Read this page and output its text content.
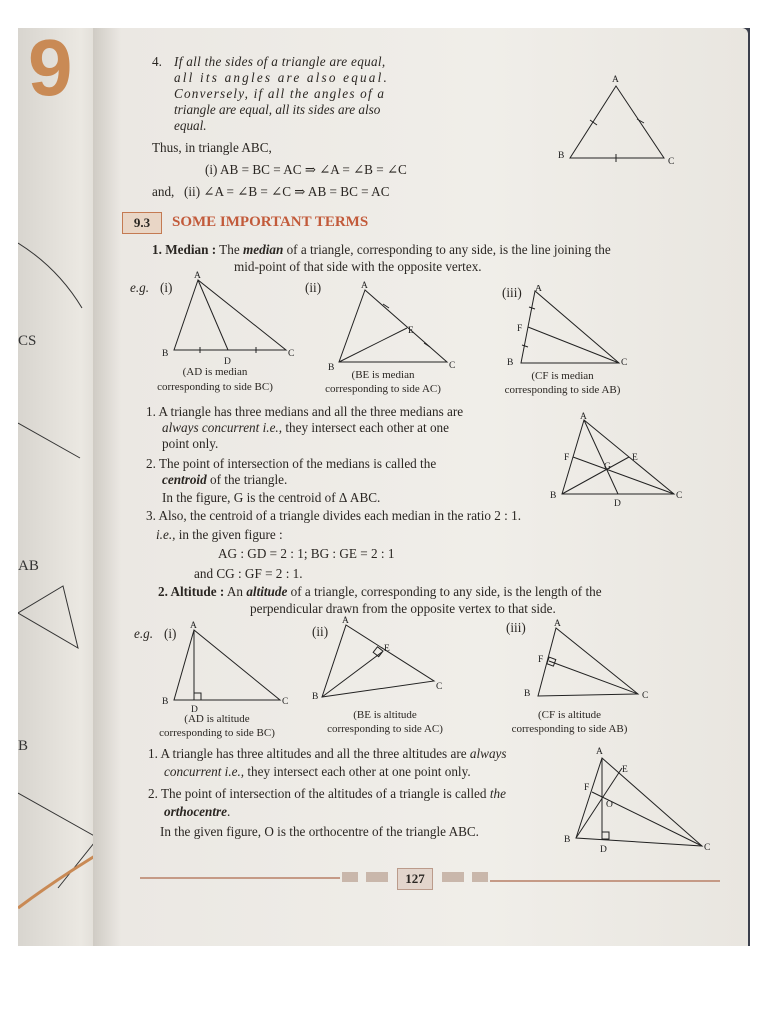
9
CS
AB
B
4. If all the sides of a triangle are equal,
all its angles are also equal.
Conversely, if all the angles of a
triangle are equal, all its sides are also
equal.
Thus, in triangle ABC,
(i) AB = BC = AC ⇒ ∠A = ∠B = ∠C
and, (ii) ∠A = ∠B = ∠C ⇒ AB = BC = AC
A
B
C
9.3	SOME IMPORTANT TERMS
1. Median : The median of a triangle, corresponding to any side, is the line joining the
mid-point of that side with the opposite vertex.
e.g. (i)	(ii)	(iii)
A
B	C
D
A
B	C
E
A
B	C
F
(AD is median
corresponding to side BC)
(BE is median
corresponding to side AC)
(CF is median
corresponding to side AB)
1. A triangle has three medians and all the three medians are
always concurrent i.e., they intersect each other at one
point only.
2. The point of intersection of the medians is called the
centroid of the triangle.
In the figure, G is the centroid of Δ ABC.
3. Also, the centroid of a triangle divides each median in the ratio 2 : 1.
i.e., in the given figure :
AG : GD = 2 : 1; BG : GE = 2 : 1
and CG : GF = 2 : 1.
A
B	C
D
E
F
G
2. Altitude : An altitude of a triangle, corresponding to any side, is the length of the
perpendicular drawn from the opposite vertex to that side.
e.g. (i)	(ii)	(iii)
A
B	C
D
A
B
C
E
A
B	C
F
(AD is altitude
corresponding to side BC)
(BE is altitude
corresponding to side AC)
(CF is altitude
corresponding to side AB)
1. A triangle has three altitudes and all the three altitudes are always
concurrent i.e., they intersect each other at one point only.
2. The point of intersection of the altitudes of a triangle is called the
orthocentre.
In the given figure, O is the orthocentre of the triangle ABC.
A
B
C
D
E
F
O
127
